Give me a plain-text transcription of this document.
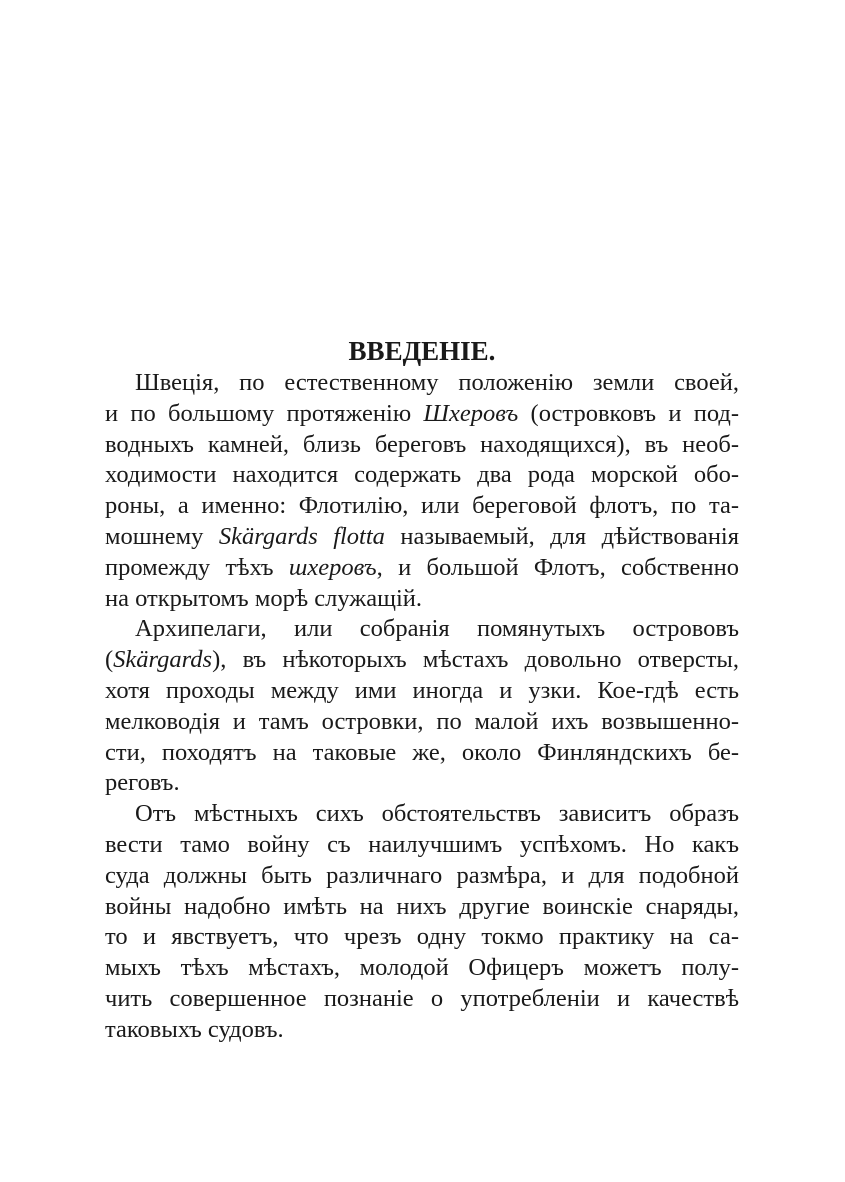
ВВЕДЕНІЕ.
Швеція, по естественному положенію земли своей,
и по большому протяженію Шхеровъ (островковъ и под-
водныхъ камней, близь береговъ находящихся), въ необ-
ходимости находится содержать два рода морской обо-
роны, а именно: Флотилію, или береговой флотъ, по та-
мошнему Skärgards flotta называемый, для дѣйствованія
промежду тѣхъ шхеровъ, и большой Флотъ, собственно
на открытомъ морѣ служащій.
Архипелаги, или собранія помянутыхъ острововъ
(Skärgards), въ нѣкоторыхъ мѣстахъ довольно отверсты,
хотя проходы между ими иногда и узки. Кое-гдѣ есть
мелководія и тамъ островки, по малой ихъ возвышенно-
сти, походятъ на таковые же, около Финляндскихъ бе-
реговъ.
Отъ мѣстныхъ сихъ обстоятельствъ зависитъ образъ
вести тамо войну съ наилучшимъ успѣхомъ. Но какъ
суда должны быть различнаго размѣра, и для подобной
войны надобно имѣть на нихъ другие воинскіе снаряды,
то и явствуетъ, что чрезъ одну токмо практику на са-
мыхъ тѣхъ мѣстахъ, молодой Офицеръ можетъ полу-
чить совершенное познаніе о употребленіи и качествѣ
таковыхъ судовъ.
